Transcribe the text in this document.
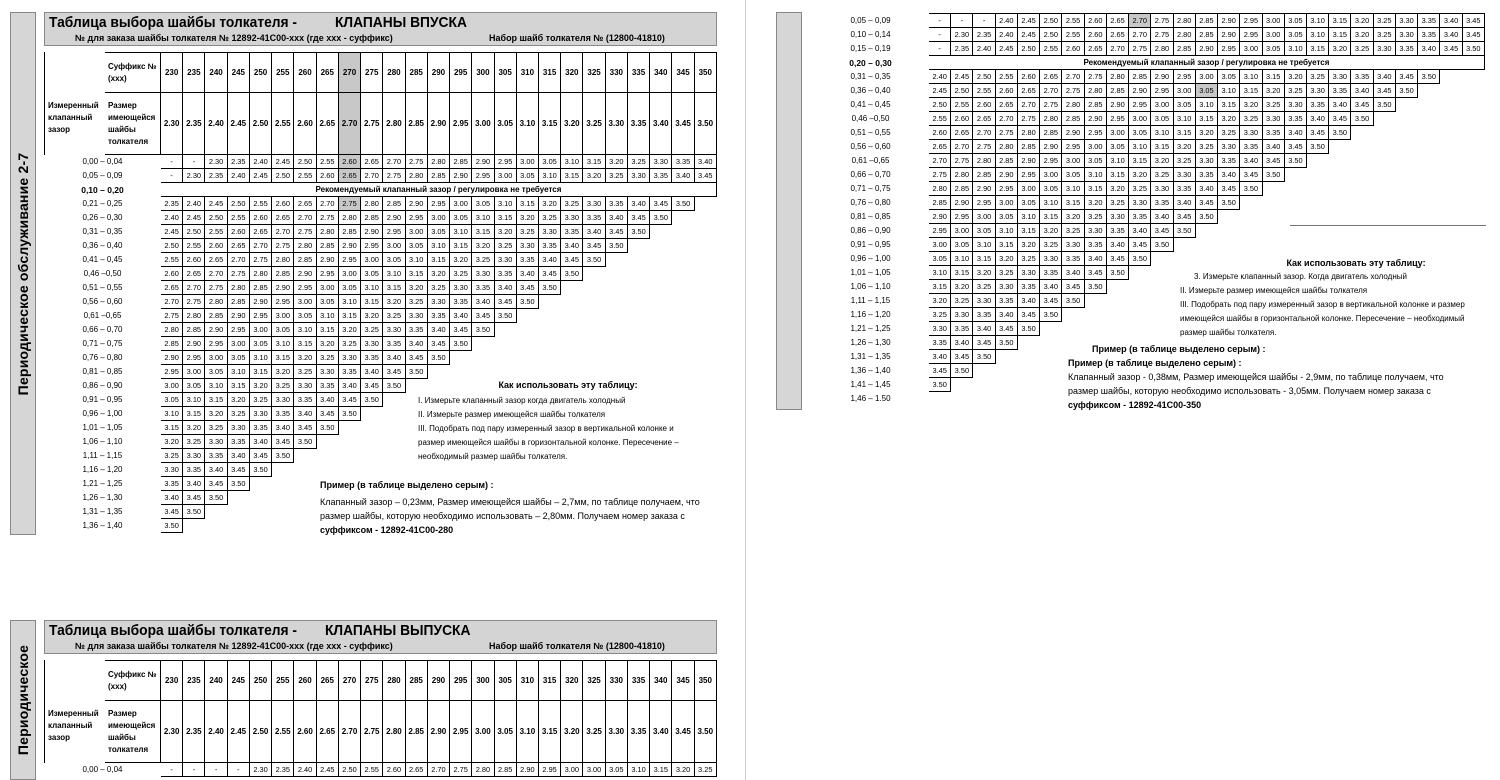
Периодическое обслуживание 2-7
Таблица выбора шайбы толкателя -	КЛАПАНЫ ВПУСКА
№ для заказа шайбы толкателя № 12892-41C00-xxx (где xxx - суффикс)	Набор шайб толкателя № (12800-41810)
Измеренный клапанный зазор	Суффикс № (xxx)	230	235	240	245	250	255	260	265	270	275	280	285	290	295	300	305	310	315	320	325	330	335	340	345	350
	Размер имеющейся шайбы толкателя	2.30	2.35	2.40	2.45	2.50	2.55	2.60	2.65	2.70	2.75	2.80	2.85	2.90	2.95	3.00	3.05	3.10	3.15	3.20	3.25	3.30	3.35	3.40	3.45	3.50
0,00 – 0,04		-	-	2.30	2.35	2.40	2.45	2.50	2.55	2.60	2.65	2.70	2.75	2.80	2.85	2.90	2.95	3.00	3.05	3.10	3.15	3.20	3.25	3.30	3.35	3.40
0,05 – 0,09		-	2.30	2.35	2.40	2.45	2.50	2.55	2.60	2.65	2.70	2.75	2.80	2.85	2.90	2.95	3.00	3.05	3.10	3.15	3.20	3.25	3.30	3.35	3.40	3.45
0,10 – 0,20		Рекомендуемый клапанный зазор / регулировка не требуется																								
0,21 – 0,25		2.35	2.40	2.45	2.50	2.55	2.60	2.65	2.70	2.75	2.80	2.85	2.90	2.95	3.00	3.05	3.10	3.15	3.20	3.25	3.30	3.35	3.40	3.45	3.50	
0,26 – 0,30		2.40	2.45	2.50	2.55	2.60	2.65	2.70	2.75	2.80	2.85	2.90	2.95	3.00	3.05	3.10	3.15	3.20	3.25	3.30	3.35	3.40	3.45	3.50		
0,31 – 0,35		2.45	2.50	2.55	2.60	2.65	2.70	2.75	2.80	2.85	2.90	2.95	3.00	3.05	3.10	3.15	3.20	3.25	3.30	3.35	3.40	3.45	3.50			
0,36 – 0,40		2.50	2.55	2.60	2.65	2.70	2.75	2.80	2.85	2.90	2.95	3.00	3.05	3.10	3.15	3.20	3.25	3.30	3.35	3.40	3.45	3.50				
0,41 – 0,45		2.55	2.60	2.65	2.70	2.75	2.80	2.85	2.90	2.95	3.00	3.05	3.10	3.15	3.20	3.25	3.30	3.35	3.40	3.45	3.50					
0,46 –0,50		2.60	2.65	2.70	2.75	2.80	2.85	2.90	2.95	3.00	3.05	3.10	3.15	3.20	3.25	3.30	3.35	3.40	3.45	3.50						
0,51 – 0,55		2.65	2.70	2.75	2.80	2.85	2.90	2.95	3.00	3.05	3.10	3.15	3.20	3.25	3.30	3.35	3.40	3.45	3.50							
0,56 – 0,60		2.70	2.75	2.80	2.85	2.90	2.95	3.00	3.05	3.10	3.15	3.20	3.25	3.30	3.35	3.40	3.45	3.50								
0,61 –0,65		2.75	2.80	2.85	2.90	2.95	3.00	3.05	3.10	3.15	3.20	3.25	3.30	3.35	3.40	3.45	3.50									
0,66 – 0,70		2.80	2.85	2.90	2.95	3.00	3.05	3.10	3.15	3.20	3.25	3.30	3.35	3.40	3.45	3.50										
0,71 – 0,75		2.85	2.90	2.95	3.00	3.05	3.10	3.15	3.20	3.25	3.30	3.35	3.40	3.45	3.50											
0,76 – 0,80		2.90	2.95	3.00	3.05	3.10	3.15	3.20	3.25	3.30	3.35	3.40	3.45	3.50												
0,81 – 0,85		2.95	3.00	3.05	3.10	3.15	3.20	3.25	3.30	3.35	3.40	3.45	3.50													
0,86 – 0,90		3.00	3.05	3.10	3.15	3.20	3.25	3.30	3.35	3.40	3.45	3.50														
0,91 – 0,95		3.05	3.10	3.15	3.20	3.25	3.30	3.35	3.40	3.45	3.50															
0,96 – 1,00		3.10	3.15	3.20	3.25	3.30	3.35	3.40	3.45	3.50																
1,01 – 1,05		3.15	3.20	3.25	3.30	3.35	3.40	3.45	3.50																	
1,06 – 1,10		3.20	3.25	3.30	3.35	3.40	3.45	3.50																		
1,11 – 1,15		3.25	3.30	3.35	3.40	3.45	3.50																			
1,16 – 1,20		3.30	3.35	3.40	3.45	3.50																				
1,21 – 1,25		3.35	3.40	3.45	3.50																					
1,26 – 1,30		3.40	3.45	3.50																						
1,31 – 1,35		3.45	3.50																							
1,36 – 1,40		3.50																								
Как использовать эту таблицу:
I. Измерьте клапанный зазор когда двигатель холодный
II. Измерьте размер имеющейся шайбы толкателя
III. Подобрать под пару измеренный зазор в вертикальной колонке и
размер имеющейся шайбы в горизонтальной колонке. Пересечение –
необходимый размер шайбы толкателя.
Пример (в таблице выделено серым) :
Клапанный зазор – 0,23мм, Размер имеющейся шайбы – 2,7мм, по таблице получаем, что
размер шайбы, которую необходимо использовать – 2,80мм. Получаем номер заказа с
суффиксом - 12892-41C00-280
0,05 – 0,09	-	-	-	2.40	2.45	2.50	2.55	2.60	2.65	2.70	2.75	2.80	2.85	2.90	2.95	3.00	3.05	3.10	3.15	3.20	3.25	3.30	3.35	3.40	3.45
0,10 – 0,14	-	2.30	2.35	2.40	2.45	2.50	2.55	2.60	2.65	2.70	2.75	2.80	2.85	2.90	2.95	3.00	3.05	3.10	3.15	3.20	3.25	3.30	3.35	3.40	3.45
0,15 – 0,19	-	2.35	2.40	2.45	2.50	2.55	2.60	2.65	2.70	2.75	2.80	2.85	2.90	2.95	3.00	3.05	3.10	3.15	3.20	3.25	3.30	3.35	3.40	3.45	3.50
0,20 – 0,30	Рекомендуемый клапанный зазор / регулировка не требуется																								
0,31 – 0,35	2.40	2.45	2.50	2.55	2.60	2.65	2.70	2.75	2.80	2.85	2.90	2.95	3.00	3.05	3.10	3.15	3.20	3.25	3.30	3.35	3.40	3.45	3.50		
0,36 – 0,40	2.45	2.50	2.55	2.60	2.65	2.70	2.75	2.80	2.85	2.90	2.95	3.00	3.05	3.10	3.15	3.20	3.25	3.30	3.35	3.40	3.45	3.50			
0,41 – 0,45	2.50	2.55	2.60	2.65	2.70	2.75	2.80	2.85	2.90	2.95	3.00	3.05	3.10	3.15	3.20	3.25	3.30	3.35	3.40	3.45	3.50				
0,46 –0,50	2.55	2.60	2.65	2.70	2.75	2.80	2.85	2.90	2.95	3.00	3.05	3.10	3.15	3.20	3.25	3.30	3.35	3.40	3.45	3.50					
0,51 – 0,55	2.60	2.65	2.70	2.75	2.80	2.85	2.90	2.95	3.00	3.05	3.10	3.15	3.20	3.25	3.30	3.35	3.40	3.45	3.50						
0,56 – 0,60	2.65	2.70	2.75	2.80	2.85	2.90	2.95	3.00	3.05	3.10	3.15	3.20	3.25	3.30	3.35	3.40	3.45	3.50							
0,61 –0,65	2.70	2.75	2.80	2.85	2.90	2.95	3.00	3.05	3.10	3.15	3.20	3.25	3.30	3.35	3.40	3.45	3.50								
0,66 – 0,70	2.75	2.80	2.85	2.90	2.95	3.00	3.05	3.10	3.15	3.20	3.25	3.30	3.35	3.40	3.45	3.50									
0,71 – 0,75	2.80	2.85	2.90	2.95	3.00	3.05	3.10	3.15	3.20	3.25	3.30	3.35	3.40	3.45	3.50										
0,76 – 0,80	2.85	2.90	2.95	3.00	3.05	3.10	3.15	3.20	3.25	3.30	3.35	3.40	3.45	3.50											
0,81 – 0,85	2.90	2.95	3.00	3.05	3.10	3.15	3.20	3.25	3.30	3.35	3.40	3.45	3.50												
0,86 – 0,90	2.95	3.00	3.05	3.10	3.15	3.20	3.25	3.30	3.35	3.40	3.45	3.50													
0,91 – 0,95	3.00	3.05	3.10	3.15	3.20	3.25	3.30	3.35	3.40	3.45	3.50														
0,96 – 1,00	3.05	3.10	3.15	3.20	3.25	3.30	3.35	3.40	3.45	3.50															
1,01 – 1,05	3.10	3.15	3.20	3.25	3.30	3.35	3.40	3.45	3.50																
1,06 – 1,10	3.15	3.20	3.25	3.30	3.35	3.40	3.45	3.50																	
1,11 – 1,15	3.20	3.25	3.30	3.35	3.40	3.45	3.50																		
1,16 – 1,20	3.25	3.30	3.35	3.40	3.45	3.50																			
1,21 – 1,25	3.30	3.35	3.40	3.45	3.50																				
1,26 – 1,30	3.35	3.40	3.45	3.50																					
1,31 – 1,35	3.40	3.45	3.50																						
1,36 – 1,40	3.45	3.50																							
1,41 – 1,45	3.50																								
1,46 – 1.50																									
Как использовать эту таблицу:
3. Измерьте клапанный зазор. Когда двигатель холодный
II. Измерьте размер имеющейся шайбы толкателя
III. Подобрать под пару измеренный зазор в вертикальной колонке и размер
имеющейся шайбы в горизонтальной колонке. Пересечение – необходимый
размер шайбы толкателя.
Пример (в таблице выделено серым) :
Пример (в таблице выделено серым) :
Клапанный зазор - 0,38мм, Размер имеющейся шайбы - 2,9мм, по таблице получаем, что
размер шайбы, которую необходимо использовать - 3,05мм. Получаем номер заказа с
суффиксом - 12892-41C00-350
Периодическое
Таблица выбора шайбы толкателя - КЛАПАНЫ ВЫПУСКА
№ для заказа шайбы толкателя № 12892-41C00-xxx (где xxx - суффикс)	Набор шайб толкателя № (12800-41810)
Измеренный клапанный зазор	Суффикс № (xxx)	230	235	240	245	250	255	260	265	270	275	280	285	290	295	300	305	310	315	320	325	330	335	340	345	350
	Размер имеющейся шайбы толкателя	2.30	2.35	2.40	2.45	2.50	2.55	2.60	2.65	2.70	2.75	2.80	2.85	2.90	2.95	3.00	3.05	3.10	3.15	3.20	3.25	3.30	3.35	3.40	3.45	3.50
0,00 – 0,04		-	-	-	-	2.30	2.35	2.40	2.45	2.50	2.55	2.60	2.65	2.70	2.75	2.80	2.85	2.90	2.95	3.00	3.00	3.05	3.10	3.15	3.20	3.25
